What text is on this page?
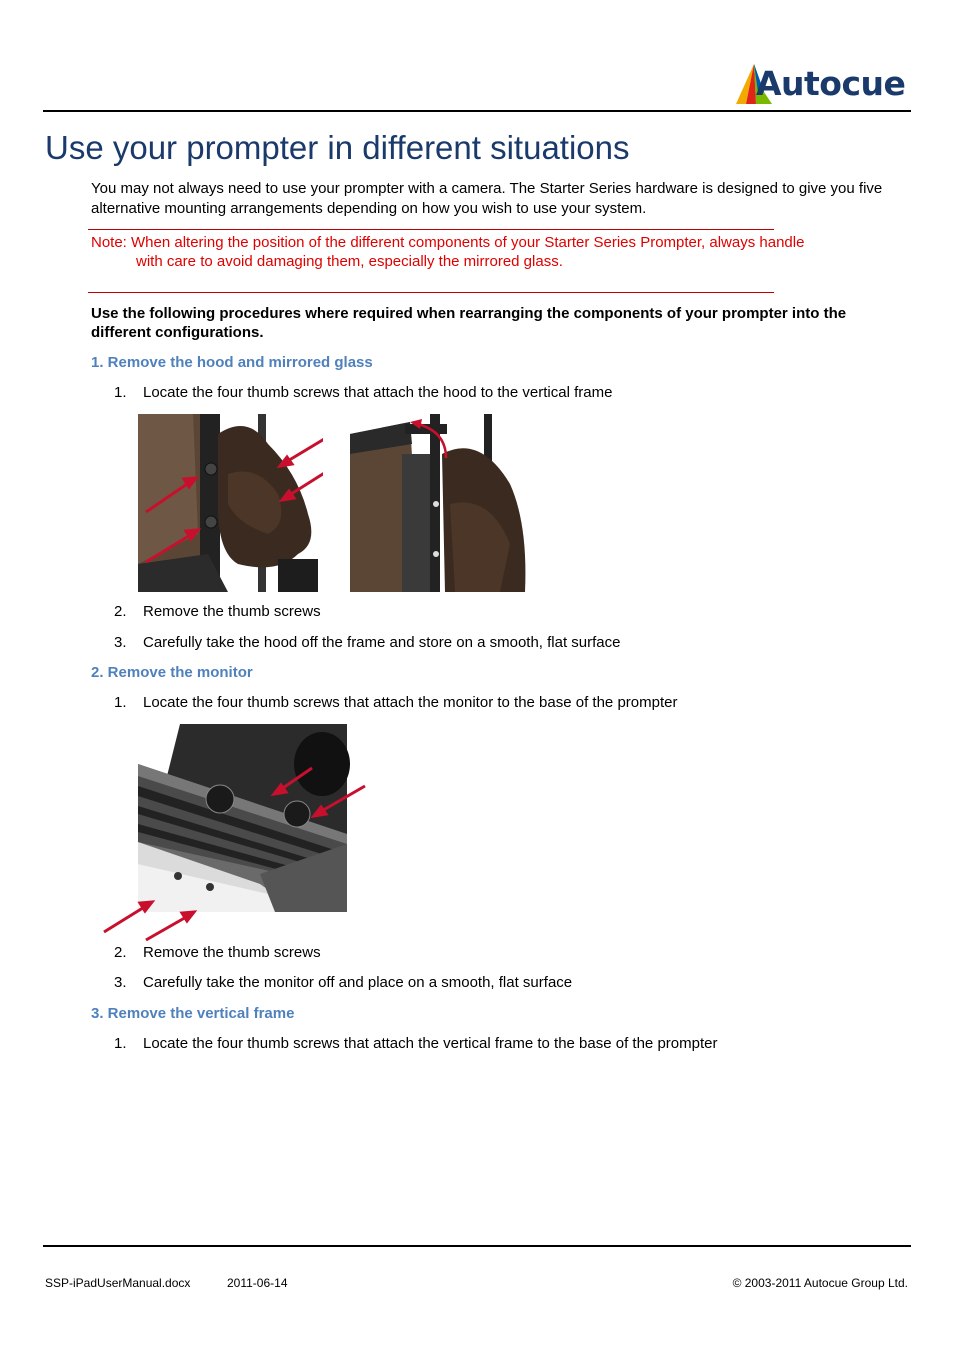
Autocue
Use your prompter in different situations
You may not always need to use your prompter with a camera. The Starter Series hardware is designed to give you five alternative mounting arrangements depending on how you wish to use your system.
Note: When altering the position of the different components of your Starter Series Prompter, always handle with care to avoid damaging them, especially the mirrored glass.
Use the following procedures where required when rearranging the components of your prompter into the different configurations.
1. Remove the hood and mirrored glass
1. Locate the four thumb screws that attach the hood to the vertical frame
2. Remove the thumb screws
3. Carefully take the hood off the frame and store on a smooth, flat surface
2. Remove the monitor
1. Locate the four thumb screws that attach the monitor to the base of the prompter
2. Remove the thumb screws
3. Carefully take the monitor off and place on a smooth, flat surface
3. Remove the vertical frame
1. Locate the four thumb screws that attach the vertical frame to the base of the prompter
SSP-iPadUserManual.docx	2011-06-14	© 2003-2011 Autocue Group Ltd.
